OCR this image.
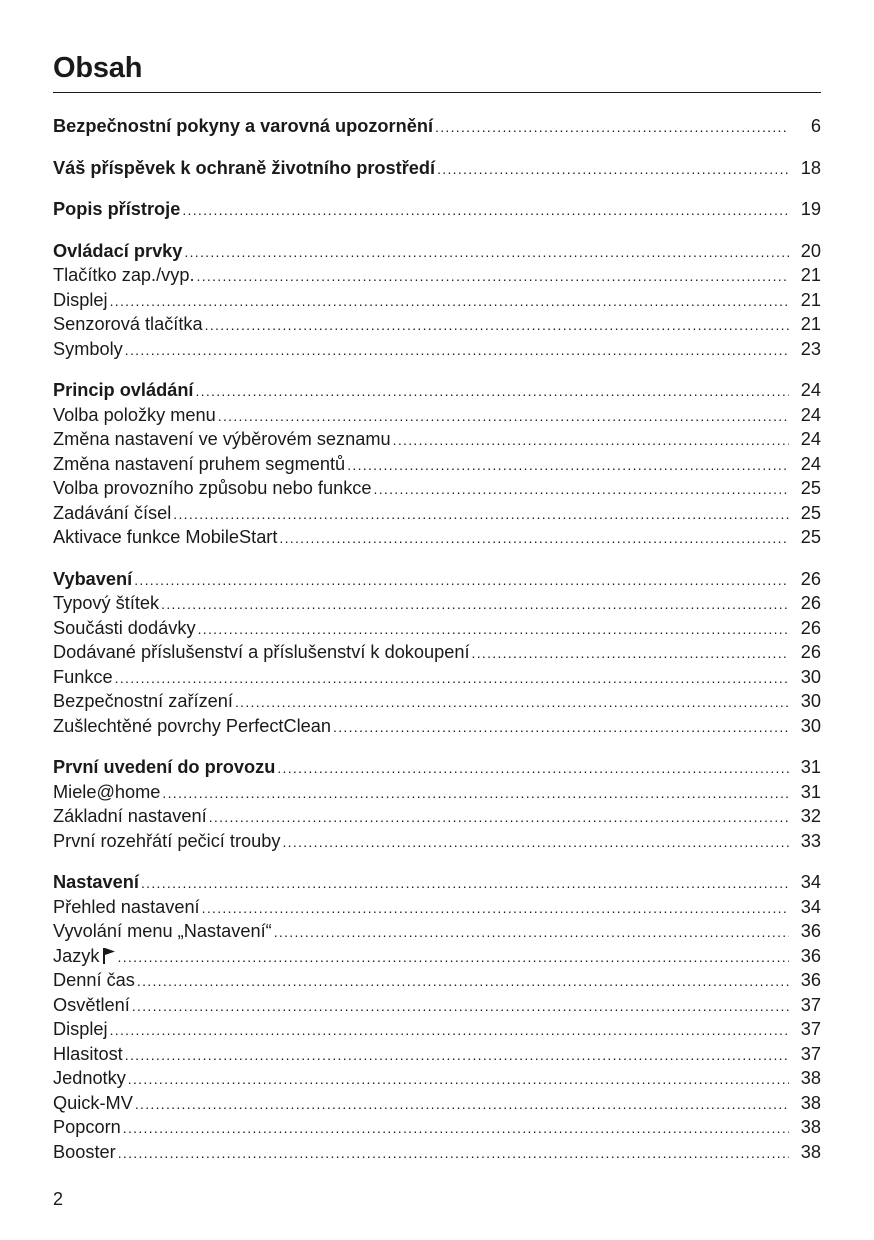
Obsah
Bezpečnostní pokyny a varovná upozornění .....	6
Váš příspěvek k ochraně životního prostředí .....	18
Popis přístroje .....	19
Ovládací prvky .....	20
Tlačítko zap./vyp. .....	21
Displej .....	21
Senzorová tlačítka .....	21
Symboly .....	23
Princip ovládání .....	24
Volba položky menu .....	24
Změna nastavení ve výběrovém seznamu .....	24
Změna nastavení pruhem segmentů .....	24
Volba provozního způsobu nebo funkce .....	25
Zadávání čísel .....	25
Aktivace funkce MobileStart .....	25
Vybavení .....	26
Typový štítek .....	26
Součásti dodávky .....	26
Dodávané příslušenství a příslušenství k dokoupení .....	26
Funkce .....	30
Bezpečnostní zařízení .....	30
Zušlechtěné povrchy PerfectClean .....	30
První uvedení do provozu .....	31
Miele@home .....	31
Základní nastavení .....	32
První rozehřátí pečicí trouby .....	33
Nastavení .....	34
Přehled nastavení .....	34
Vyvolání menu „Nastavení“ .....	36
Jazyk .....	36
Denní čas .....	36
Osvětlení .....	37
Displej .....	37
Hlasitost .....	37
Jednotky .....	38
Quick-MV .....	38
Popcorn .....	38
Booster .....	38
2
